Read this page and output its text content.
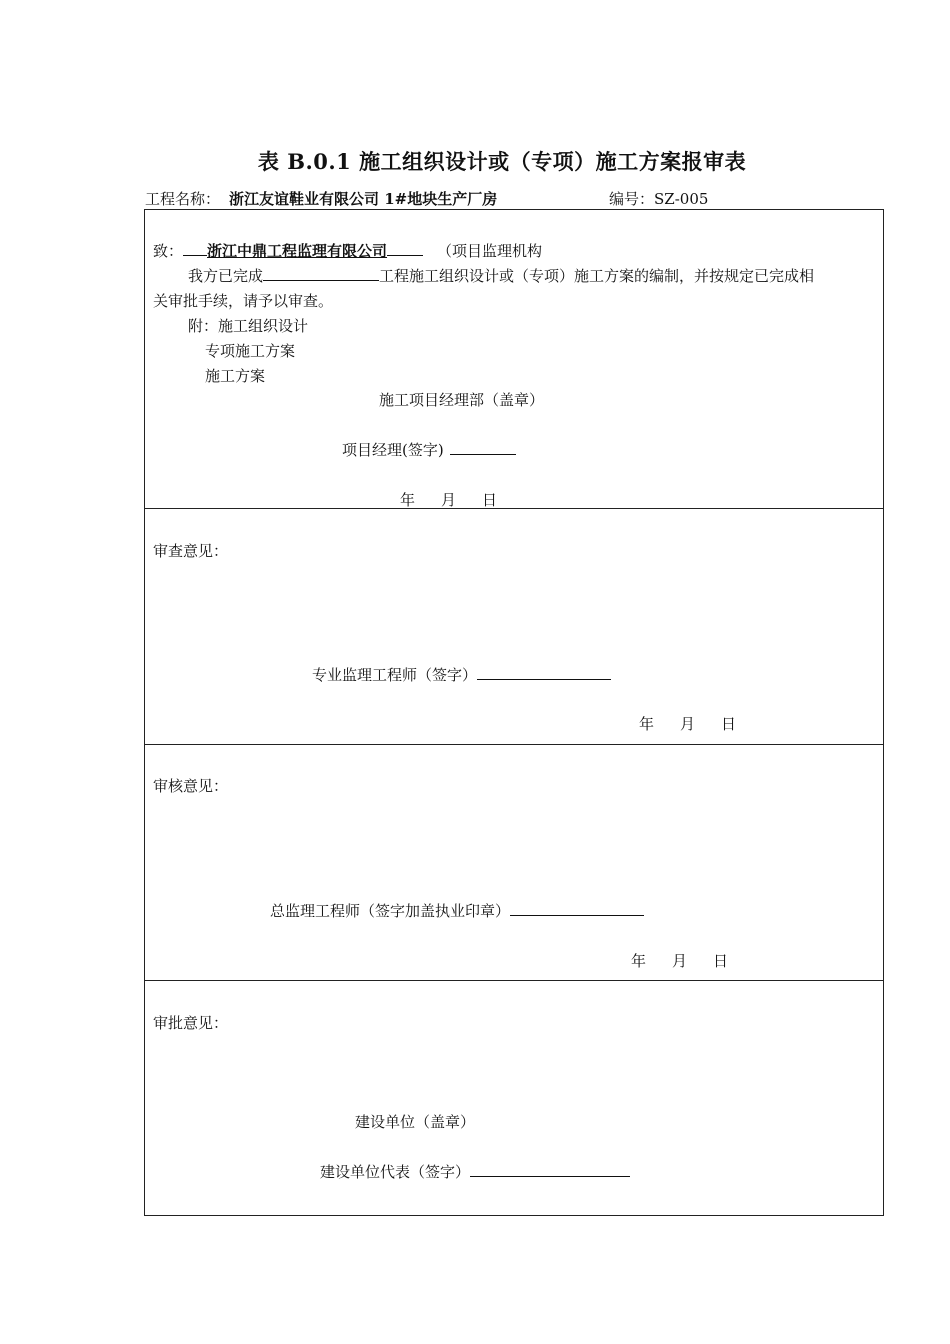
表 B.0.1 施工组织设计或（专项）施工方案报审表
工程名称： 浙江友谊鞋业有限公司 1#地块生产厂房	编号：SZ-005
致： 浙江中鼎工程监理有限公司	（项目监理机构
我方已完成	工程施工组织设计或（专项）施工方案的编制，并按规定已完成相
关审批手续，请予以审查。
附：施工组织设计
专项施工方案
施工方案
施工项目经理部（盖章）
项目经理(签字)
年 月 日
审查意见：
专业监理工程师（签字）
年 月 日
审核意见：
总监理工程师（签字加盖执业印章）
年 月 日
审批意见：
建设单位（盖章）
建设单位代表（签字）
